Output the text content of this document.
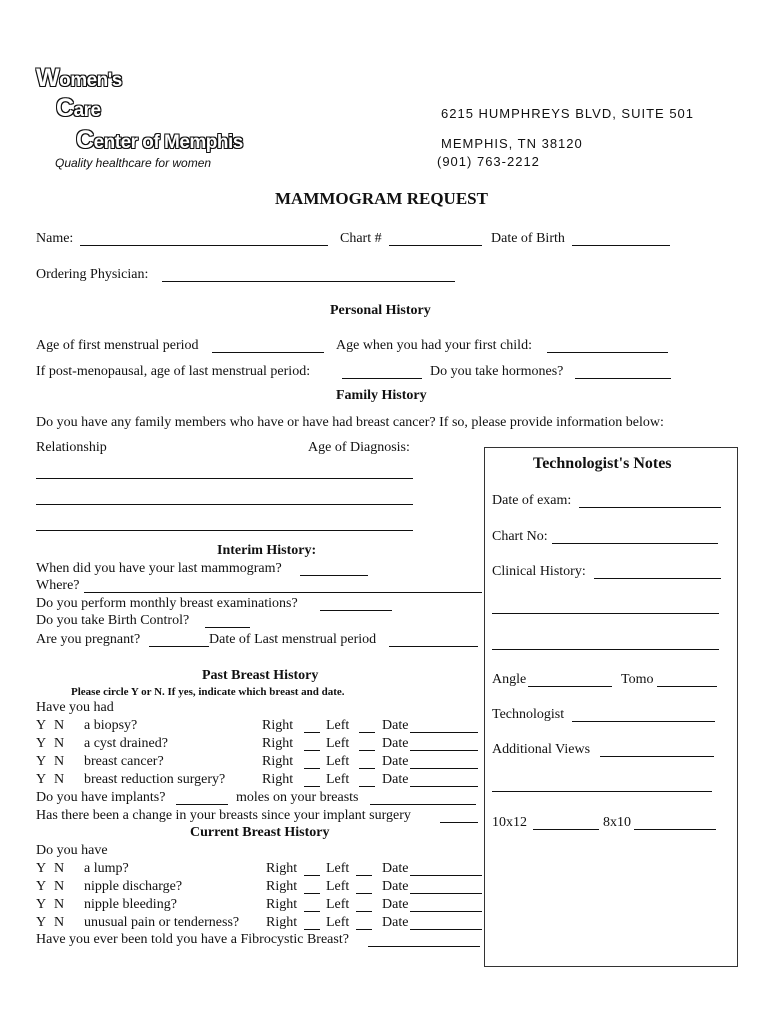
Women's
Care
Center of Memphis
Quality healthcare for women
6215 HUMPHREYS BLVD, SUITE 501
MEMPHIS, TN 38120
(901) 763-2212
MAMMOGRAM REQUEST
Name:	Chart #	Date of Birth
Ordering Physician:
Personal History
Age of first menstrual period	Age when you had your first child:
If post-menopausal, age of last menstrual period:	Do you take hormones?
Family History
Do you have any family members who have or have had breast cancer? If so, please provide information below:
Relationship	Age of Diagnosis:
Interim History:
When did you have your last mammogram?
Where?
Do you perform monthly breast examinations?
Do you take Birth Control?
Are you pregnant?	Date of Last menstrual period
Past Breast History
Please circle Y or N. If yes, indicate which breast and date.
Have you had
Y N a biopsy?	Right Left Date
Y N a cyst drained?	Right Left Date
Y N breast cancer?	Right Left Date
Y N breast reduction surgery?	Right Left Date
Do you have implants?	moles on your breasts
Has there been a change in your breasts since your implant surgery
Current Breast History
Do you have
Y N a lump?	Right Left Date
Y N nipple discharge?	Right Left Date
Y N nipple bleeding?	Right Left Date
Y N unusual pain or tenderness? Right Left Date
Have you ever been told you have a Fibrocystic Breast?
Technologist's Notes
Date of exam:
Chart No:
Clinical History:
Angle	Tomo
Technologist
Additional Views
10x12	8x10
